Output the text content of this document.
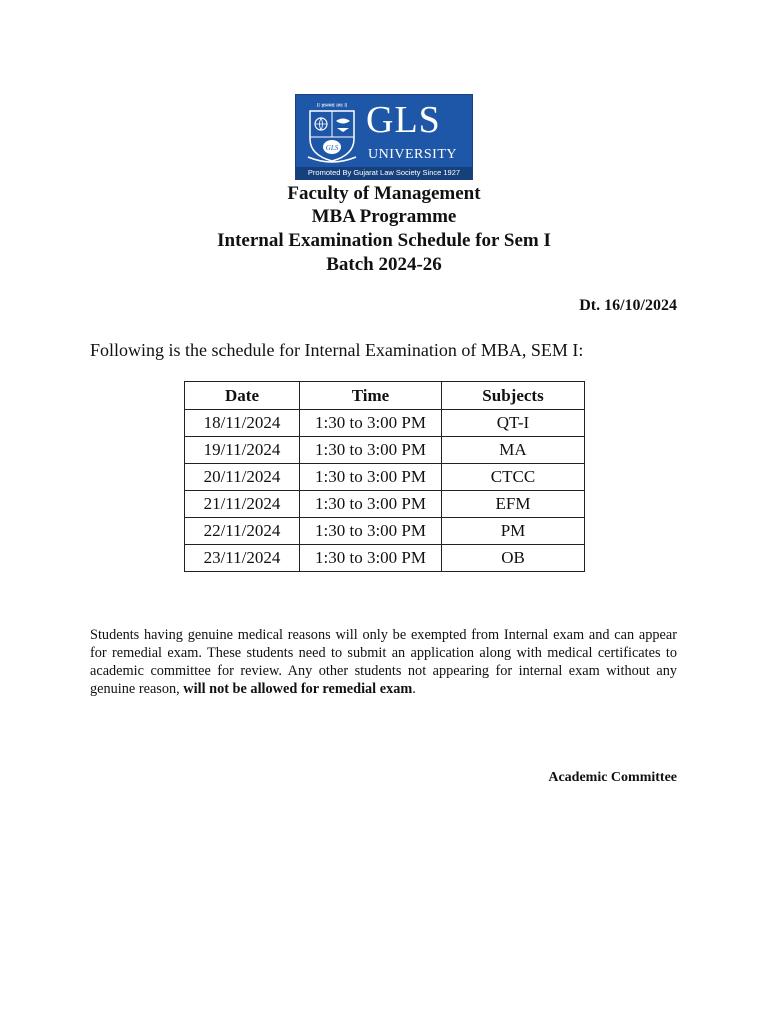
Il ज्ञानमयं तपः ll
GLS
GLS
UNIVERSITY
Promoted By Gujarat Law Society Since 1927
Faculty of Management
MBA Programme
Internal Examination Schedule for Sem I
Batch 2024-26
Dt. 16/10/2024
Following is the schedule for Internal Examination of MBA, SEM I:
Date	Time	Subjects
18/11/2024	1:30 to 3:00 PM	QT-I
19/11/2024	1:30 to 3:00 PM	MA
20/11/2024	1:30 to 3:00 PM	CTCC
21/11/2024	1:30 to 3:00 PM	EFM
22/11/2024	1:30 to 3:00 PM	PM
23/11/2024	1:30 to 3:00 PM	OB
Students having genuine medical reasons will only be exempted from Internal exam and can appear for remedial exam. These students need to submit an application along with medical certificates to academic committee for review. Any other students not appearing for internal exam without any genuine reason, will not be allowed for remedial exam.
Academic Committee
